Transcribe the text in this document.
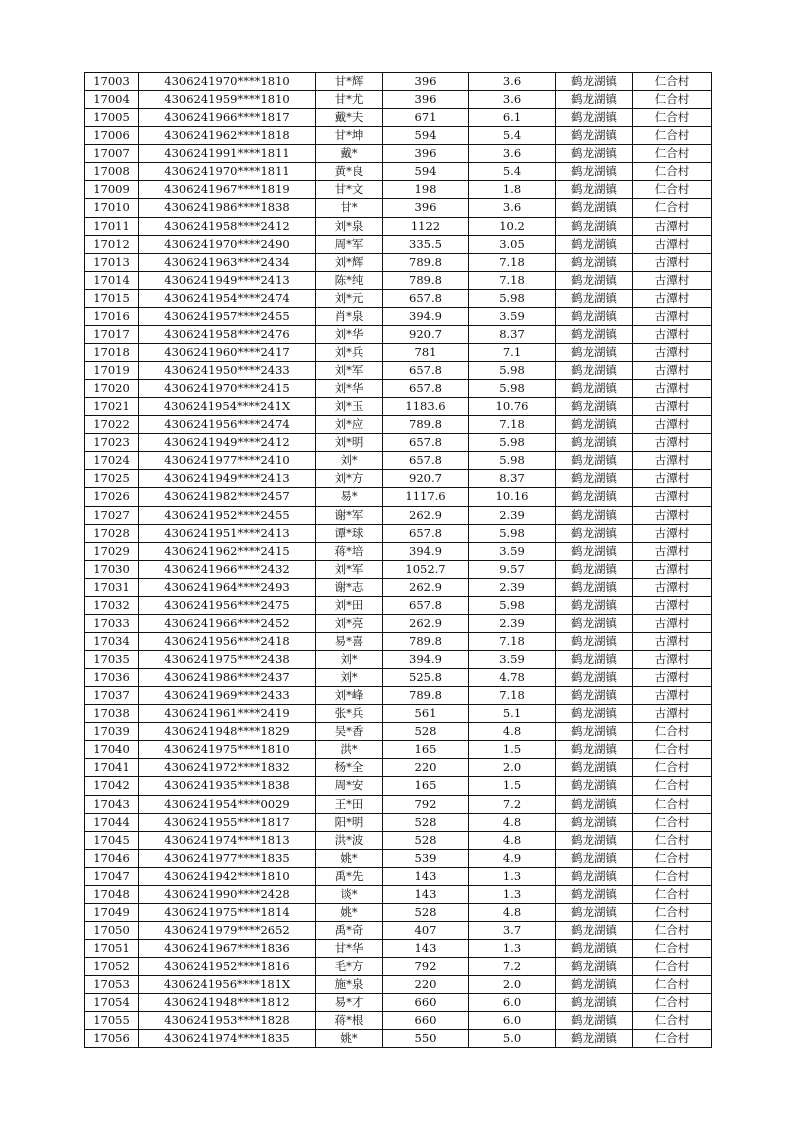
17003	4306241970****1810	甘*辉	396	3.6	鹤龙湖镇	仁合村
17004	4306241959****1810	甘*尤	396	3.6	鹤龙湖镇	仁合村
17005	4306241966****1817	戴*夫	671	6.1	鹤龙湖镇	仁合村
17006	4306241962****1818	甘*坤	594	5.4	鹤龙湖镇	仁合村
17007	4306241991****1811	戴*	396	3.6	鹤龙湖镇	仁合村
17008	4306241970****1811	黄*良	594	5.4	鹤龙湖镇	仁合村
17009	4306241967****1819	甘*文	198	1.8	鹤龙湖镇	仁合村
17010	4306241986****1838	甘*	396	3.6	鹤龙湖镇	仁合村
17011	4306241958****2412	刘*泉	1122	10.2	鹤龙湖镇	古潭村
17012	4306241970****2490	周*军	335.5	3.05	鹤龙湖镇	古潭村
17013	4306241963****2434	刘*辉	789.8	7.18	鹤龙湖镇	古潭村
17014	4306241949****2413	陈*纯	789.8	7.18	鹤龙湖镇	古潭村
17015	4306241954****2474	刘*元	657.8	5.98	鹤龙湖镇	古潭村
17016	4306241957****2455	肖*泉	394.9	3.59	鹤龙湖镇	古潭村
17017	4306241958****2476	刘*华	920.7	8.37	鹤龙湖镇	古潭村
17018	4306241960****2417	刘*兵	781	7.1	鹤龙湖镇	古潭村
17019	4306241950****2433	刘*军	657.8	5.98	鹤龙湖镇	古潭村
17020	4306241970****2415	刘*华	657.8	5.98	鹤龙湖镇	古潭村
17021	4306241954****241X	刘*玉	1183.6	10.76	鹤龙湖镇	古潭村
17022	4306241956****2474	刘*应	789.8	7.18	鹤龙湖镇	古潭村
17023	4306241949****2412	刘*明	657.8	5.98	鹤龙湖镇	古潭村
17024	4306241977****2410	刘*	657.8	5.98	鹤龙湖镇	古潭村
17025	4306241949****2413	刘*方	920.7	8.37	鹤龙湖镇	古潭村
17026	4306241982****2457	易*	1117.6	10.16	鹤龙湖镇	古潭村
17027	4306241952****2455	谢*军	262.9	2.39	鹤龙湖镇	古潭村
17028	4306241951****2413	谭*球	657.8	5.98	鹤龙湖镇	古潭村
17029	4306241962****2415	蒋*培	394.9	3.59	鹤龙湖镇	古潭村
17030	4306241966****2432	刘*军	1052.7	9.57	鹤龙湖镇	古潭村
17031	4306241964****2493	谢*志	262.9	2.39	鹤龙湖镇	古潭村
17032	4306241956****2475	刘*田	657.8	5.98	鹤龙湖镇	古潭村
17033	4306241966****2452	刘*亮	262.9	2.39	鹤龙湖镇	古潭村
17034	4306241956****2418	易*喜	789.8	7.18	鹤龙湖镇	古潭村
17035	4306241975****2438	刘*	394.9	3.59	鹤龙湖镇	古潭村
17036	4306241986****2437	刘*	525.8	4.78	鹤龙湖镇	古潭村
17037	4306241969****2433	刘*峰	789.8	7.18	鹤龙湖镇	古潭村
17038	4306241961****2419	张*兵	561	5.1	鹤龙湖镇	古潭村
17039	4306241948****1829	吴*香	528	4.8	鹤龙湖镇	仁合村
17040	4306241975****1810	洪*	165	1.5	鹤龙湖镇	仁合村
17041	4306241972****1832	杨*全	220	2.0	鹤龙湖镇	仁合村
17042	4306241935****1838	周*安	165	1.5	鹤龙湖镇	仁合村
17043	4306241954****0029	王*田	792	7.2	鹤龙湖镇	仁合村
17044	4306241955****1817	阳*明	528	4.8	鹤龙湖镇	仁合村
17045	4306241974****1813	洪*波	528	4.8	鹤龙湖镇	仁合村
17046	4306241977****1835	姚*	539	4.9	鹤龙湖镇	仁合村
17047	4306241942****1810	禹*先	143	1.3	鹤龙湖镇	仁合村
17048	4306241990****2428	谈*	143	1.3	鹤龙湖镇	仁合村
17049	4306241975****1814	姚*	528	4.8	鹤龙湖镇	仁合村
17050	4306241979****2652	禹*奇	407	3.7	鹤龙湖镇	仁合村
17051	4306241967****1836	甘*华	143	1.3	鹤龙湖镇	仁合村
17052	4306241952****1816	毛*方	792	7.2	鹤龙湖镇	仁合村
17053	4306241956****181X	施*泉	220	2.0	鹤龙湖镇	仁合村
17054	4306241948****1812	易*才	660	6.0	鹤龙湖镇	仁合村
17055	4306241953****1828	蒋*根	660	6.0	鹤龙湖镇	仁合村
17056	4306241974****1835	姚*	550	5.0	鹤龙湖镇	仁合村
